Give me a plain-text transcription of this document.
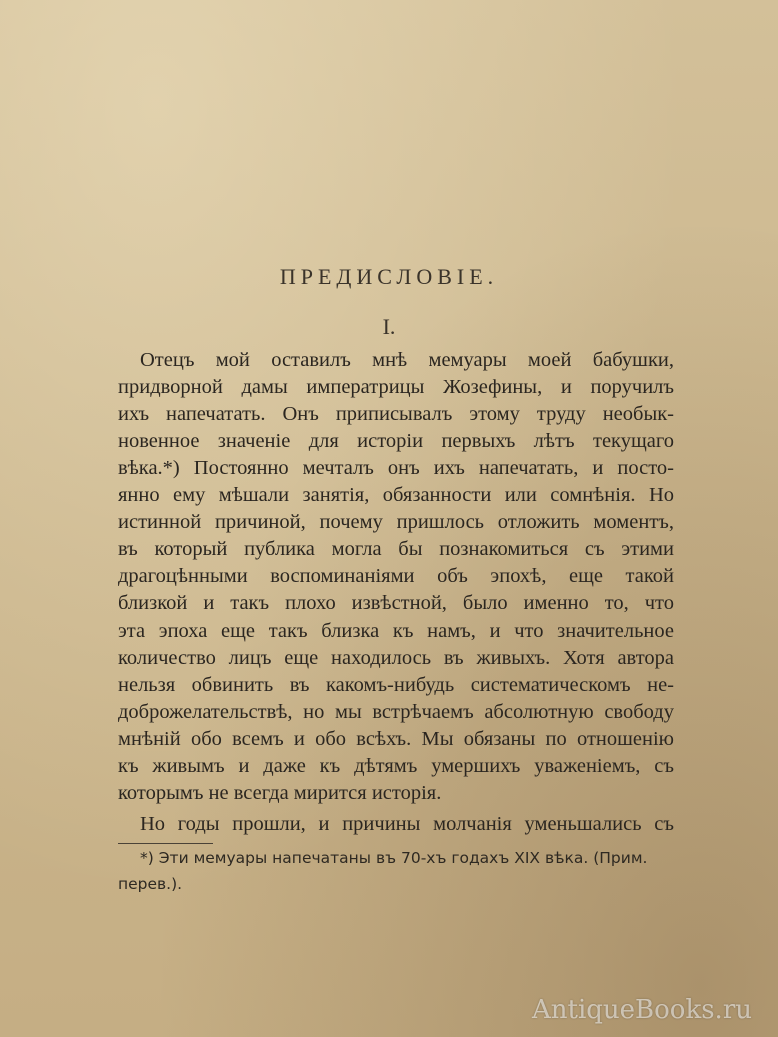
ПРЕДИСЛОВІЕ.
I.
Отецъ мой оставилъ мнѣ мемуары моей бабушки,
придворной дамы императрицы Жозефины, и поручилъ
ихъ напечатать. Онъ приписывалъ этому труду необык-
новенное значеніе для исторіи первыхъ лѣтъ текущаго
вѣка.*) Постоянно мечталъ онъ ихъ напечатать, и посто-
янно ему мѣшали занятія, обязанности или сомнѣнія. Но
истинной причиной, почему пришлось отложить моментъ,
въ который публика могла бы познакомиться съ этими
драгоцѣнными воспоминаніями объ эпохѣ, еще такой
близкой и такъ плохо извѣстной, было именно то, что
эта эпоха еще такъ близка къ намъ, и что значительное
количество лицъ еще находилось въ живыхъ. Хотя автора
нельзя обвинить въ какомъ-нибудь систематическомъ не-
доброжелательствѣ, но мы встрѣчаемъ абсолютную свободу
мнѣній обо всемъ и обо всѣхъ. Мы обязаны по отношенію
къ живымъ и даже къ дѣтямъ умершихъ уваженіемъ, съ
которымъ не всегда мирится исторія.
Но годы прошли, и причины молчанія уменьшались съ
*) Эти мемуары напечатаны въ 70-хъ годахъ XIX вѣка. (Прим.
перев.).
AntiqueBooks.ru
